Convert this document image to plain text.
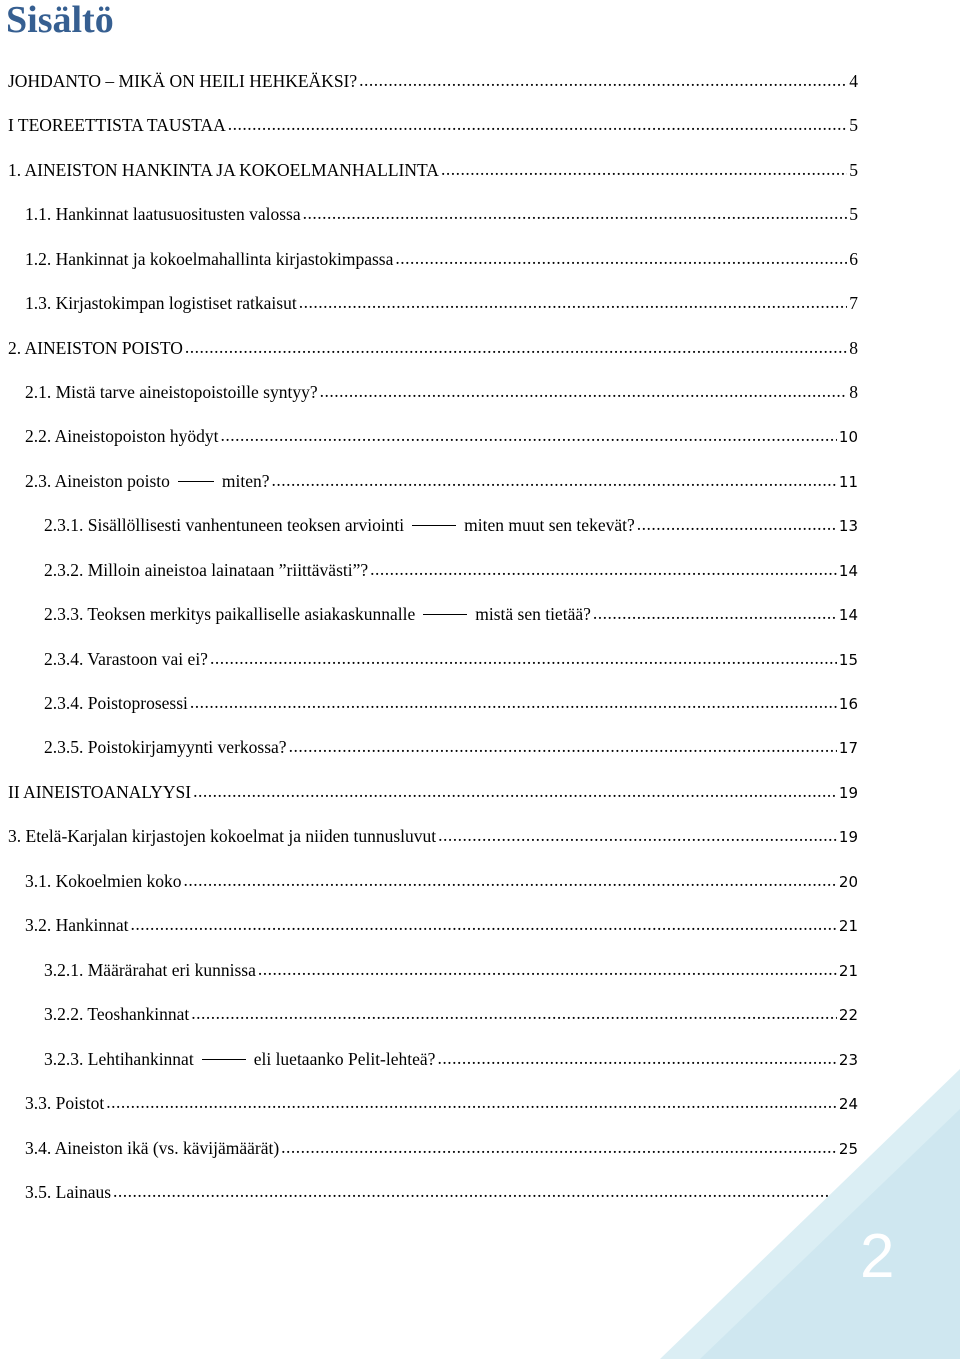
Sisältö
JOHDANTO – MIKÄ ON HEILI HEHKEÄKSI? .....	4
I TEOREETTISTA TAUSTAA .....	5
1. AINEISTON HANKINTA JA KOKOELMANHALLINTA .....	5
1.1. Hankinnat laatusuositusten valossa .....	5
1.2. Hankinnat ja kokoelmahallinta kirjastokimpassa .....	6
1.3. Kirjastokimpan logistiset ratkaisut .....	7
2. AINEISTON POISTO .....	8
2.1. Mistä tarve aineistopoistoille syntyy? .....	8
2.2. Aineistopoiston hyödyt .....	10
2.3. Aineiston poisto	miten? .....	11
2.3.1. Sisällöllisesti vanhentuneen teoksen arviointi	miten muut sen tekevät? .....	13
2.3.2. Milloin aineistoa lainataan ”riittävästi”? .....	14
2.3.3. Teoksen merkitys paikalliselle asiakaskunnalle	mistä sen tietää? .....	14
2.3.4. Varastoon vai ei? .....	15
2.3.4. Poistoprosessi .....	16
2.3.5. Poistokirjamyynti verkossa? .....	17
II AINEISTOANALYYSI .....	19
3. Etelä-Karjalan kirjastojen kokoelmat ja niiden tunnusluvut .....	19
3.1. Kokoelmien koko .....	20
3.2. Hankinnat .....	21
3.2.1. Määrärahat eri kunnissa .....	21
3.2.2. Teoshankinnat .....	22
3.2.3. Lehtihankinnat	eli luetaanko Pelit-lehteä? .....	23
3.3. Poistot .....	24
3.4. Aineiston ikä (vs. kävijämäärät) .....	25
3.5. Lainaus
.....
2
